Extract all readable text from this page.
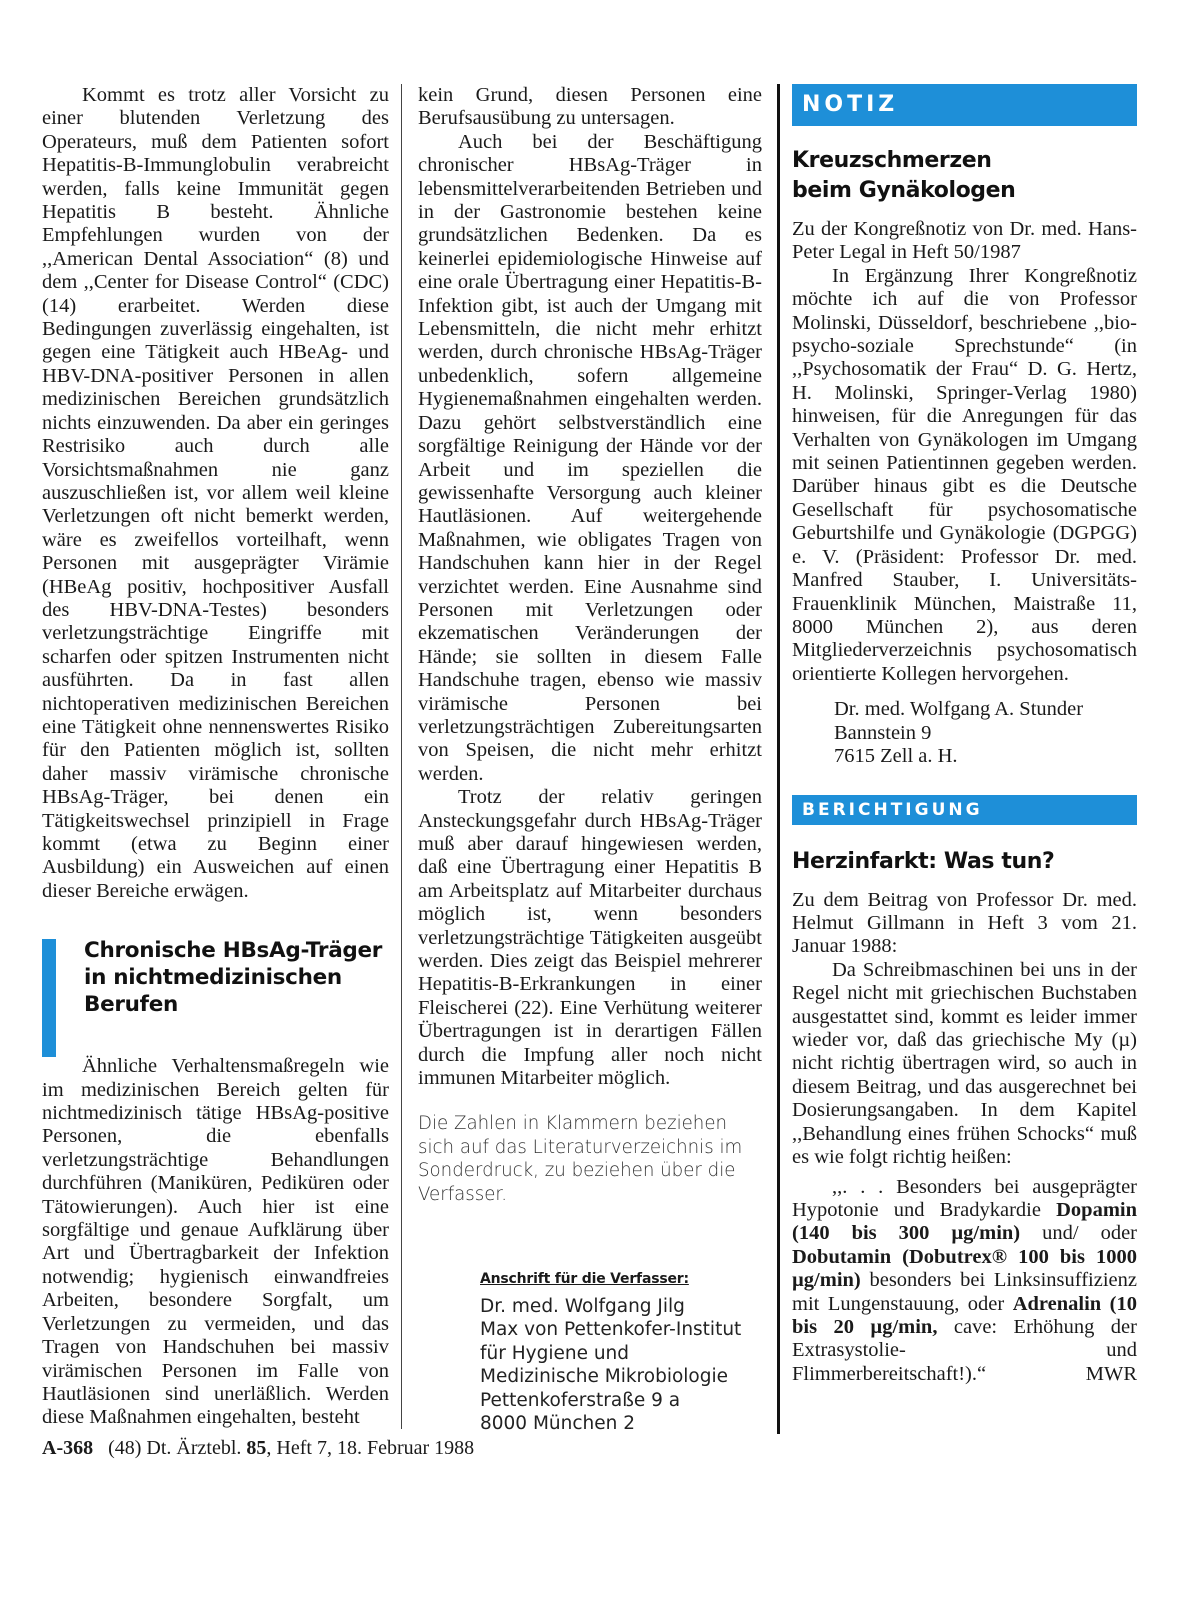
Kommt es trotz aller Vorsicht zu einer blutenden Verletzung des Operateurs, muß dem Patienten sofort Hepatitis-B-Immunglobulin verabreicht werden, falls keine Immunität gegen Hepatitis B besteht. Ähnliche Empfehlungen wurden von der ,,American Dental Association“ (8) und dem ,,Center for Disease Control“ (CDC) (14) erarbeitet. Werden diese Bedingungen zuverlässig eingehalten, ist gegen eine Tätigkeit auch HBeAg- und HBV-DNA-positiver Personen in allen medizinischen Bereichen grundsätzlich nichts einzuwenden. Da aber ein geringes Restrisiko auch durch alle Vorsichtsmaßnahmen nie ganz auszuschließen ist, vor allem weil kleine Verletzungen oft nicht bemerkt werden, wäre es zweifellos vorteilhaft, wenn Personen mit ausgeprägter Virämie (HBeAg positiv, hochpositiver Ausfall des HBV-DNA-Testes) besonders verletzungsträchtige Eingriffe mit scharfen oder spitzen Instrumenten nicht ausführten. Da in fast allen nichtoperativen medizinischen Bereichen eine Tätigkeit ohne nennenswertes Risiko für den Patienten möglich ist, sollten daher massiv virämische chronische HBsAg-Träger, bei denen ein Tätigkeitswechsel prinzipiell in Frage kommt (etwa zu Beginn einer Ausbildung) ein Ausweichen auf einen dieser Bereiche erwägen.

Chronische HBsAg-Träger in nichtmedizinischen Berufen

Ähnliche Verhaltensmaßregeln wie im medizinischen Bereich gelten für nichtmedizinisch tätige HBsAg-positive Personen, die ebenfalls verletzungsträchtige Behandlungen durchführen (Maniküren, Pediküren oder Tätowierungen). Auch hier ist eine sorgfältige und genaue Aufklärung über Art und Übertragbarkeit der Infektion notwendig; hygienisch einwandfreies Arbeiten, besondere Sorgfalt, um Verletzungen zu vermeiden, und das Tragen von Handschuhen bei massiv virämischen Personen im Falle von Hautläsionen sind unerläßlich. Werden diese Maßnahmen eingehalten, besteht

kein Grund, diesen Personen eine Berufsausübung zu untersagen.

Auch bei der Beschäftigung chronischer HBsAg-Träger in lebensmittelverarbeitenden Betrieben und in der Gastronomie bestehen keine grundsätzlichen Bedenken. Da es keinerlei epidemiologische Hinweise auf eine orale Übertragung einer Hepatitis-B-Infektion gibt, ist auch der Umgang mit Lebensmitteln, die nicht mehr erhitzt werden, durch chronische HBsAg-Träger unbedenklich, sofern allgemeine Hygienemaßnahmen eingehalten werden. Dazu gehört selbstverständlich eine sorgfältige Reinigung der Hände vor der Arbeit und im speziellen die gewissenhafte Versorgung auch kleiner Hautläsionen. Auf weitergehende Maßnahmen, wie obligates Tragen von Handschuhen kann hier in der Regel verzichtet werden. Eine Ausnahme sind Personen mit Verletzungen oder ekzematischen Veränderungen der Hände; sie sollten in diesem Falle Handschuhe tragen, ebenso wie massiv virämische Personen bei verletzungsträchtigen Zubereitungsarten von Speisen, die nicht mehr erhitzt werden.

Trotz der relativ geringen Ansteckungsgefahr durch HBsAg-Träger muß aber darauf hingewiesen werden, daß eine Übertragung einer Hepatitis B am Arbeitsplatz auf Mitarbeiter durchaus möglich ist, wenn besonders verletzungsträchtige Tätigkeiten ausgeübt werden. Dies zeigt das Beispiel mehrerer Hepatitis-B-Erkrankungen in einer Fleischerei (22). Eine Verhütung weiterer Übertragungen ist in derartigen Fällen durch die Impfung aller noch nicht immunen Mitarbeiter möglich.

Die Zahlen in Klammern beziehen sich auf das Literaturverzeichnis im Sonderdruck, zu beziehen über die Verfasser.
Anschrift für die Verfasser:
Dr. med. Wolfgang Jilg
Max von Pettenkofer-Institut
für Hygiene und
Medizinische Mikrobiologie
Pettenkoferstraße 9 a
8000 München 2
NOTIZ
Kreuzschmerzen
beim Gynäkologen

Zu der Kongreßnotiz von Dr. med. Hans-Peter Legal in Heft 50/1987

In Ergänzung Ihrer Kongreßnotiz möchte ich auf die von Professor Molinski, Düsseldorf, beschriebene ,,bio-psycho-soziale Sprechstunde“ (in ,,Psychosomatik der Frau“ D. G. Hertz, H. Molinski, Springer-Verlag 1980) hinweisen, für die Anregungen für das Verhalten von Gynäkologen im Umgang mit seinen Patientinnen gegeben werden. Darüber hinaus gibt es die Deutsche Gesellschaft für psychosomatische Geburtshilfe und Gynäkologie (DGPGG) e. V. (Präsident: Professor Dr. med. Manfred Stauber, I. Universitäts-Frauenklinik München, Maistraße 11, 8000 München 2), aus deren Mitgliederverzeichnis psychosomatisch orientierte Kollegen hervorgehen.

Dr. med. Wolfgang A. Stunder
Bannstein 9
7615 Zell a. H.
BERICHTIGUNG
Herzinfarkt: Was tun?

Zu dem Beitrag von Professor Dr. med. Helmut Gillmann in Heft 3 vom 21. Januar 1988:

Da Schreibmaschinen bei uns in der Regel nicht mit griechischen Buchstaben ausgestattet sind, kommt es leider immer wieder vor, daß das griechische My (µ) nicht richtig übertragen wird, so auch in diesem Beitrag, und das ausgerechnet bei Dosierungsangaben. In dem Kapitel ,,Behandlung eines frühen Schocks“ muß es wie folgt richtig heißen:

,,. . . Besonders bei ausgeprägter Hypotonie und Bradykardie Dopamin (140 bis 300 µg/min) und/ oder Dobutamin (Dobutrex® 100 bis 1000 µg/min) besonders bei Linksinsuffizienz mit Lungenstauung, oder Adrenalin (10 bis 20 µg/min, cave: Erhöhung der Extrasystolie- und Flimmerbereitschaft!).“	MWR

A-368 (48) Dt. Ärztebl. 85, Heft 7, 18. Februar 1988
